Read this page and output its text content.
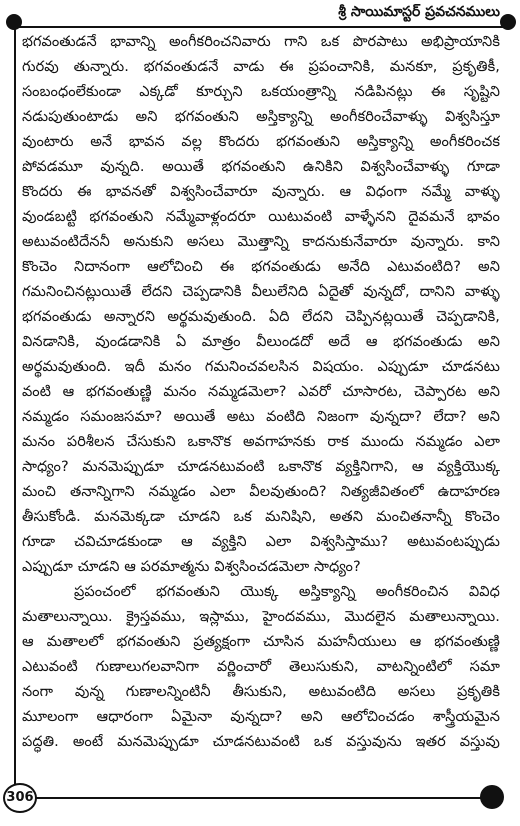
శ్రీ సాయిమాస్టర్ ప్రవచనములు
భగవంతుడనే భావాన్ని అంగీకరించనివారు గాని ఒక పొరపాటు అభిప్రాయానికి
గురవు తున్నారు. భగవంతుడనే వాడు ఈ ప్రపంచానికి, మనకూ, ప్రకృతికీ,
సంబంధంలేకుండా ఎక్కడో కూర్చుని ఒకయంత్రాన్ని నడిపినట్లు ఈ సృష్టిని
నడుపుతుంటాడు అని భగవంతుని అస్తిక్యాన్ని అంగీకరించేవాళ్ళు విశ్వసిస్తూ
వుంటారు అనే భావన వల్ల కొందరు భగవంతుని అస్తిక్యాన్ని అంగీకరించక
పోవడమూ వున్నది. అయితే భగవంతుని ఉనికిని విశ్వసించేవాళ్ళు గూడా
కొందరు ఈ భావనతో విశ్వసించేవారూ వున్నారు. ఆ విధంగా నమ్మే వాళ్ళు
వుండబట్టి భగవంతుని నమ్మేవాళ్లందరూ యిటువంటి వాళ్ళేనని దైవమనే భావం
అటువంటిదేననీ అనుకుని అసలు మొత్తాన్ని కాదనుకునేవారూ వున్నారు. కాని
కొంచెం నిదానంగా ఆలోచించి ఈ భగవంతుడు అనేది ఎటువంటిది? అని
గమనించినట్లుయితే లేదని చెప్పడానికి వీలులేనిది ఏదైతో వున్నదో, దానిని వాళ్ళు
భగవంతుడు అన్నారని అర్థమవుతుంది. ఏది లేదని చెప్పినట్లయితే చెప్పడానికి,
వినడానికి, వుండడానికి ఏ మాత్రం వీలుండదో అదే ఆ భగవంతుడు అని
అర్థమవుతుంది. ఇదీ మనం గమనించవలసిన విషయం. ఎప్పుడూ చూడనటు
వంటి ఆ భగవంతుణ్ణి మనం నమ్మడమెలా? ఎవరో చూసారట, చెప్పారట అని
నమ్మడం సమంజసమా? అయితే అటు వంటిది నిజంగా వున్నదా? లేదా? అని
మనం పరిశీలన చేసుకుని ఒకానొక అవగాహనకు రాక ముందు నమ్మడం ఎలా
సాధ్యం? మనమెప్పుడూ చూడనటువంటి ఒకానొక వ్యక్తినిగాని, ఆ వ్యక్తియొక్క
మంచి తనాన్నిగాని నమ్మడం ఎలా వీలవుతుంది? నిత్యజీవితంలో ఉదాహరణ
తీసుకోండి. మనమెక్కడా చూడని ఒక మనిషిని, అతని మంచితనాన్నీ కొంచెం
గూడా చవిచూడకుండా ఆ వ్యక్తిని ఎలా విశ్వసిస్తాము? అటువంటప్పుడు
ఎప్పుడూ చూడని ఆ పరమాత్మను విశ్వసించడమెలా సాధ్యం?
ప్రపంచంలో భగవంతుని యొక్క అస్తిక్యాన్ని అంగీకరించిన వివిధ
మతాలున్నాయి. క్రైస్తవము, ఇస్లాము, హైందవము, మొదలైన మతాలున్నాయి.
ఆ మతాలలో భగవంతుని ప్రత్యక్షంగా చూసిన మహనీయులు ఆ భగవంతుణ్ణి
ఎటువంటి గుణాలుగలవానిగా వర్ణించారో తెలుసుకుని, వాటన్నింటిలో సమా
నంగా వున్న గుణాలన్నింటినీ తీసుకుని, అటువంటిది అసలు ప్రకృతికి
మూలంగా ఆధారంగా ఏమైనా వున్నదా? అని ఆలోచించడం శాస్త్రీయమైన
పద్ధతి. అంటే మనమెప్పుడూ చూడనటువంటి ఒక వస్తువును ఇతర వస్తువు
306
